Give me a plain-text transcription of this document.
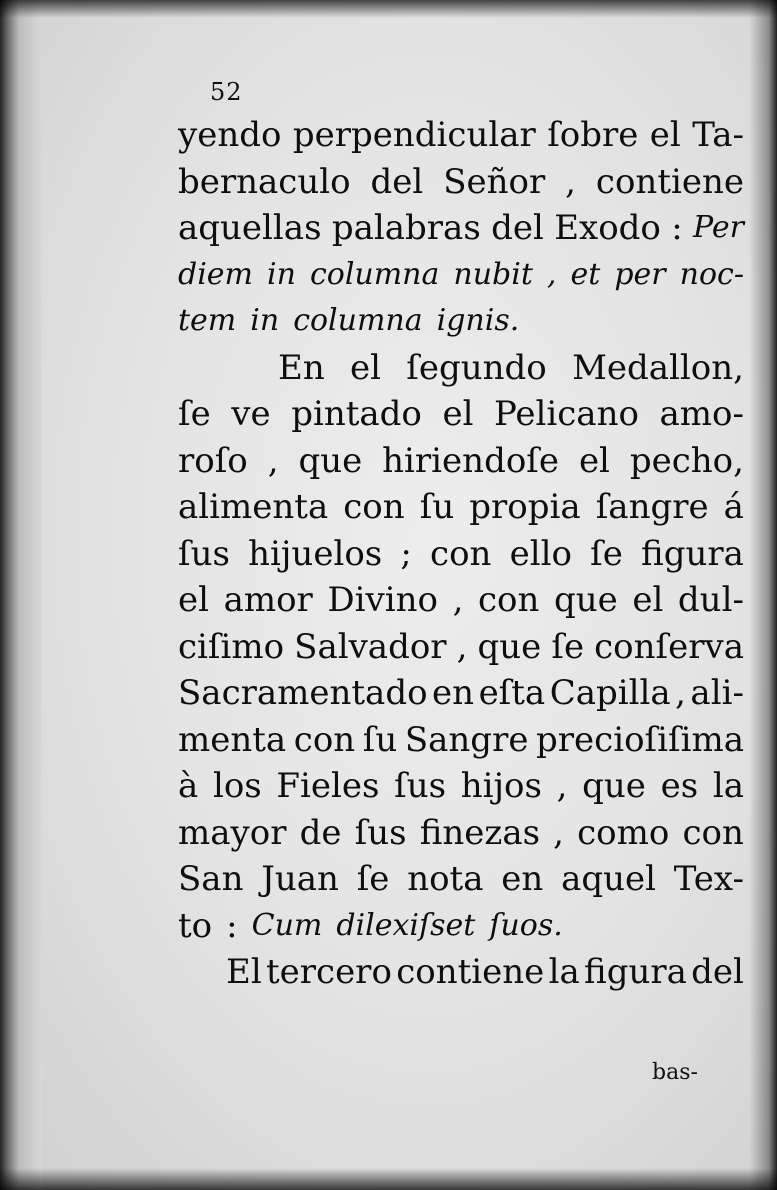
52
yendo perpendicular ſobre el Ta-
bernaculo del Señor , contiene
aquellas palabras del Exodo : Per
diem in columna nubit , et per noc-
tem in columna ignis.
En el ſegundo Medallon,
ſe ve pintado el Pelicano amo-
roſo , que hiriendoſe el pecho,
alimenta con ſu propia ſangre á
ſus hijuelos ; con ello ſe figura
el amor Divino , con que el dul-
ciſimo Salvador , que ſe conſerva
Sacramentado en eſta Capilla , ali-
menta con ſu Sangre precioſiſima
à los Fieles ſus hijos , que es la
mayor de ſus finezas , como con
San Juan ſe nota en aquel Tex-
to : Cum dilexiſset ſuos.
El tercero contiene la figura del
bas-
